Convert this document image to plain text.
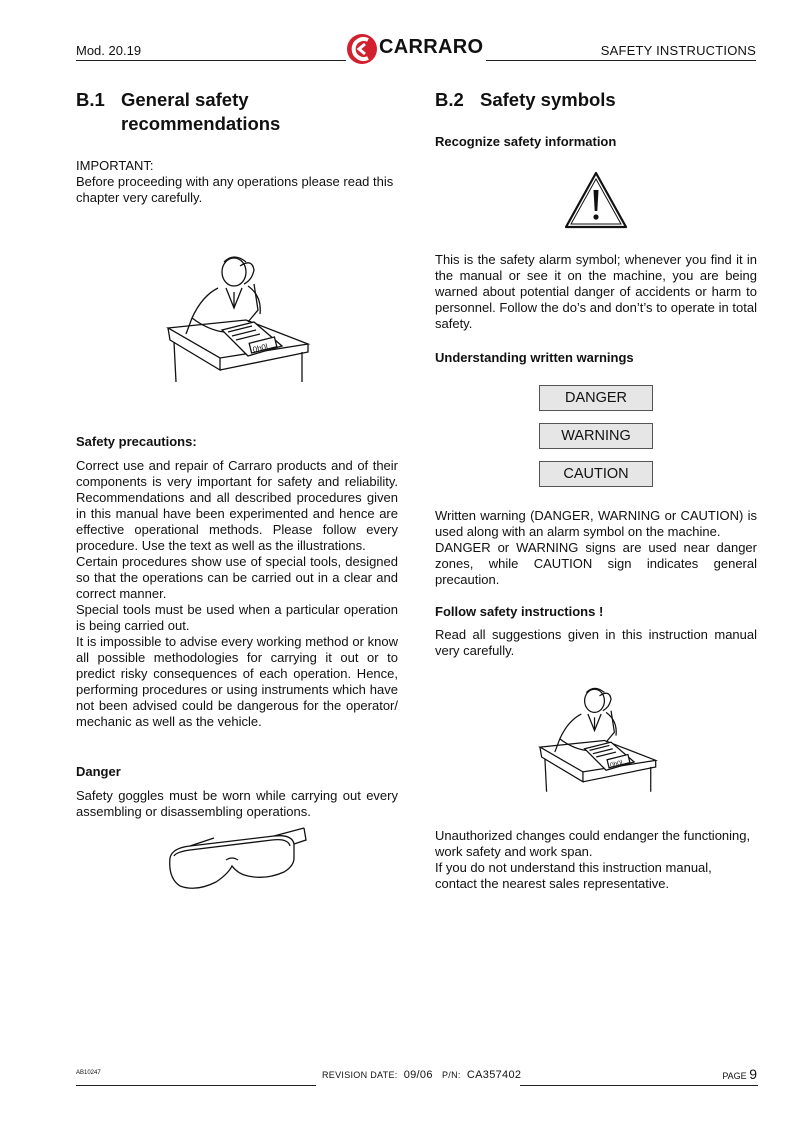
Mod. 20.19	CARRARO	SAFETY INSTRUCTIONS
B.1 General safety
recommendations

IMPORTANT:

Before proceeding with any operations please read this chapter very carefully.

0h0l
Safety precautions:

Correct use and repair of Carraro products and of their components is very important for safety and reliability. Recommendations and all described procedures given in this manual have been experimented and hence are effective operational methods. Please follow every procedure. Use the text as well as the illustrations.

Certain procedures show use of special tools, designed so that the operations can be carried out in a clear and correct manner.

Special tools must be used when a particular operation is being carried out.

It is impossible to advise every working method or know all possible methodologies for carrying it out or to predict risky consequences of each operation. Hence, performing procedures or using instruments which have not been advised could be dangerous for the operator/ mechanic as well as the vehicle.

Danger

Safety goggles must be worn while carrying out every assembling or disassembling operations.

B.2 Safety symbols
Recognize safety information

This is the safety alarm symbol; whenever you find it in the manual or see it on the machine, you are being warned about potential danger of accidents or harm to personnel. Follow the do’s and don’t’s to operate in total safety.

Understanding written warnings
DANGER
WARNING
CAUTION

Written warning (DANGER, WARNING or CAUTION) is used along with an alarm symbol on the machine.

DANGER or WARNING signs are used near danger zones, while CAUTION sign indicates general precaution.

Follow safety instructions !

Read all suggestions given in this instruction manual very carefully.

0h0l

Unauthorized changes could endanger the functioning, work safety and work span.

If you do not understand this instruction manual, contact the nearest sales representative.

AB10247	REVISION DATE: 09/06 P/N: CA357402	PAGE 9
